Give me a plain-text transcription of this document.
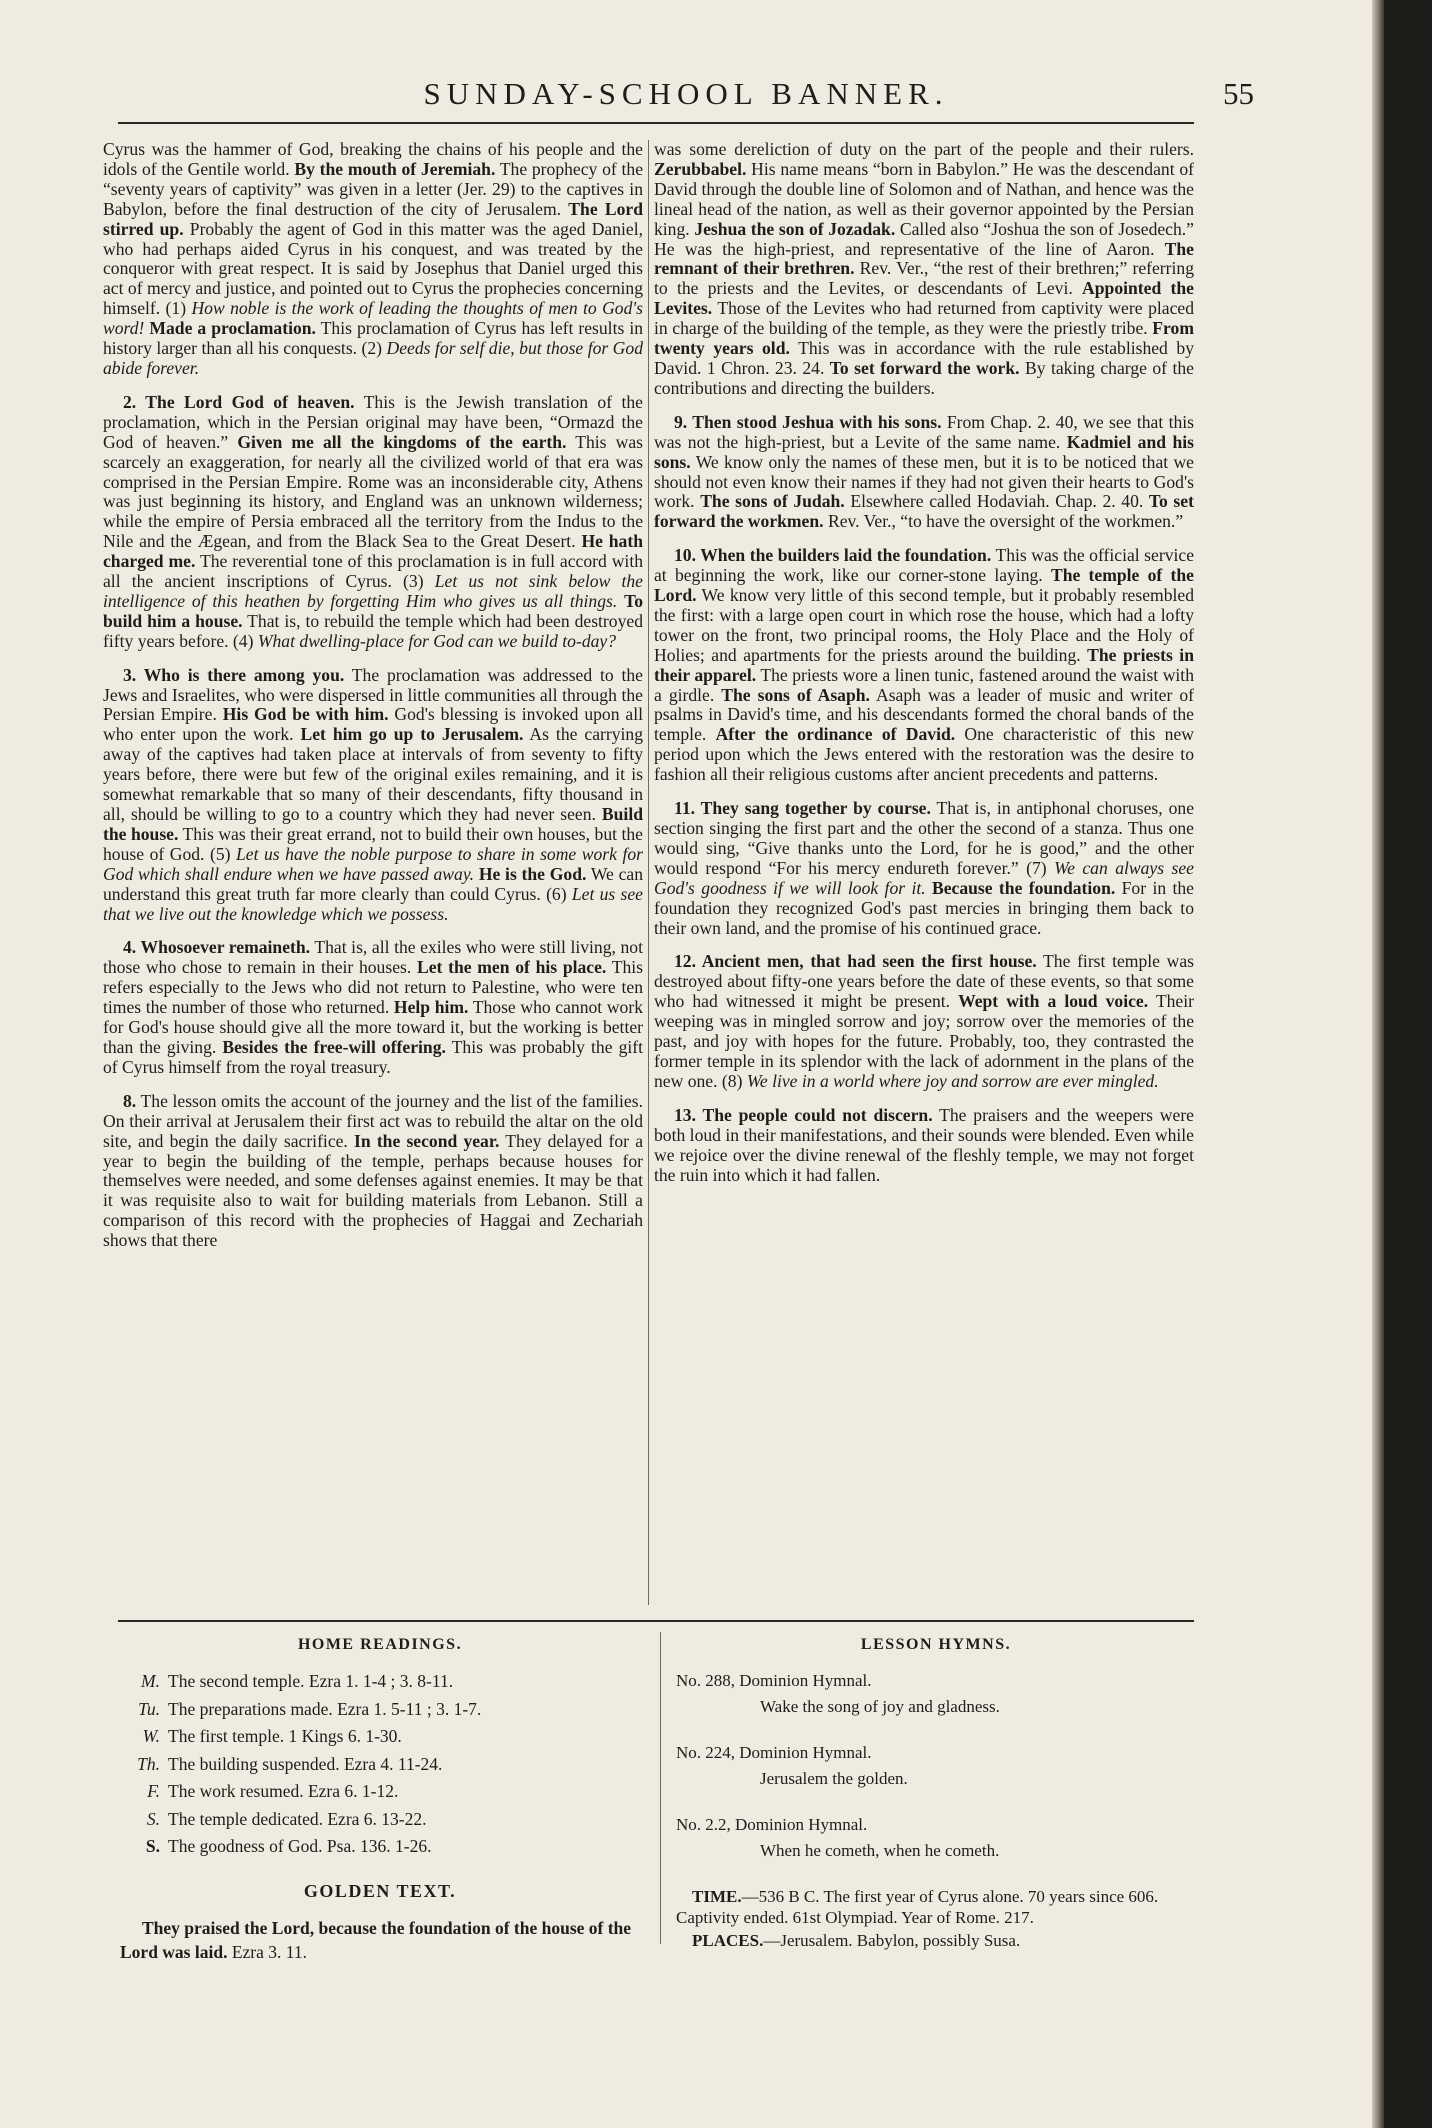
SUNDAY-SCHOOL BANNER.	55

Cyrus was the hammer of God, breaking the chains of his people and the idols of the Gentile world. By the mouth of Jeremiah. The prophecy of the “seventy years of captivity” was given in a letter (Jer. 29) to the captives in Babylon, before the final destruction of the city of Jerusalem. The Lord stirred up. Probably the agent of God in this matter was the aged Daniel, who had perhaps aided Cyrus in his conquest, and was treated by the conqueror with great respect. It is said by Josephus that Daniel urged this act of mercy and justice, and pointed out to Cyrus the prophecies concerning himself. (1) How noble is the work of leading the thoughts of men to God's word! Made a proclamation. This proclamation of Cyrus has left results in history larger than all his conquests. (2) Deeds for self die, but those for God abide forever.

2. The Lord God of heaven. This is the Jewish translation of the proclamation, which in the Persian original may have been, “Ormazd the God of heaven.” Given me all the kingdoms of the earth. This was scarcely an exaggeration, for nearly all the civilized world of that era was comprised in the Persian Empire. Rome was an inconsiderable city, Athens was just beginning its history, and England was an unknown wilderness; while the empire of Persia embraced all the territory from the Indus to the Nile and the Ægean, and from the Black Sea to the Great Desert. He hath charged me. The reverential tone of this proclamation is in full accord with all the ancient inscriptions of Cyrus. (3) Let us not sink below the intelligence of this heathen by forgetting Him who gives us all things. To build him a house. That is, to rebuild the temple which had been destroyed fifty years before. (4) What dwelling-place for God can we build to-day?

3. Who is there among you. The proclamation was addressed to the Jews and Israelites, who were dispersed in little communities all through the Persian Empire. His God be with him. God's blessing is invoked upon all who enter upon the work. Let him go up to Jerusalem. As the carrying away of the captives had taken place at intervals of from seventy to fifty years before, there were but few of the original exiles remaining, and it is somewhat remarkable that so many of their descendants, fifty thousand in all, should be willing to go to a country which they had never seen. Build the house. This was their great errand, not to build their own houses, but the house of God. (5) Let us have the noble purpose to share in some work for God which shall endure when we have passed away. He is the God. We can understand this great truth far more clearly than could Cyrus. (6) Let us see that we live out the knowledge which we possess.

4. Whosoever remaineth. That is, all the exiles who were still living, not those who chose to remain in their houses. Let the men of his place. This refers especially to the Jews who did not return to Palestine, who were ten times the number of those who returned. Help him. Those who cannot work for God's house should give all the more toward it, but the working is better than the giving. Besides the free-will offering. This was probably the gift of Cyrus himself from the royal treasury.

8. The lesson omits the account of the journey and the list of the families. On their arrival at Jerusalem their first act was to rebuild the altar on the old site, and begin the daily sacrifice. In the second year. They delayed for a year to begin the building of the temple, perhaps because houses for themselves were needed, and some defenses against enemies. It may be that it was requisite also to wait for building materials from Lebanon. Still a comparison of this record with the prophecies of Haggai and Zechariah shows that there

was some dereliction of duty on the part of the people and their rulers. Zerubbabel. His name means “born in Babylon.” He was the descendant of David through the double line of Solomon and of Nathan, and hence was the lineal head of the nation, as well as their governor appointed by the Persian king. Jeshua the son of Jozadak. Called also “Joshua the son of Josedech.” He was the high-priest, and representative of the line of Aaron. The remnant of their brethren. Rev. Ver., “the rest of their brethren;” referring to the priests and the Levites, or descendants of Levi. Appointed the Levites. Those of the Levites who had returned from captivity were placed in charge of the building of the temple, as they were the priestly tribe. From twenty years old. This was in accordance with the rule established by David. 1 Chron. 23. 24. To set forward the work. By taking charge of the contributions and directing the builders.

9. Then stood Jeshua with his sons. From Chap. 2. 40, we see that this was not the high-priest, but a Levite of the same name. Kadmiel and his sons. We know only the names of these men, but it is to be noticed that we should not even know their names if they had not given their hearts to God's work. The sons of Judah. Elsewhere called Hodaviah. Chap. 2. 40. To set forward the workmen. Rev. Ver., “to have the oversight of the workmen.”

10. When the builders laid the foundation. This was the official service at beginning the work, like our corner-stone laying. The temple of the Lord. We know very little of this second temple, but it probably resembled the first: with a large open court in which rose the house, which had a lofty tower on the front, two principal rooms, the Holy Place and the Holy of Holies; and apartments for the priests around the building. The priests in their apparel. The priests wore a linen tunic, fastened around the waist with a girdle. The sons of Asaph. Asaph was a leader of music and writer of psalms in David's time, and his descendants formed the choral bands of the temple. After the ordinance of David. One characteristic of this new period upon which the Jews entered with the restoration was the desire to fashion all their religious customs after ancient precedents and patterns.

11. They sang together by course. That is, in antiphonal choruses, one section singing the first part and the other the second of a stanza. Thus one would sing, “Give thanks unto the Lord, for he is good,” and the other would respond “For his mercy endureth forever.” (7) We can always see God's goodness if we will look for it. Because the foundation. For in the foundation they recognized God's past mercies in bringing them back to their own land, and the promise of his continued grace.

12. Ancient men, that had seen the first house. The first temple was destroyed about fifty-one years before the date of these events, so that some who had witnessed it might be present. Wept with a loud voice. Their weeping was in mingled sorrow and joy; sorrow over the memories of the past, and joy with hopes for the future. Probably, too, they contrasted the former temple in its splendor with the lack of adornment in the plans of the new one. (8) We live in a world where joy and sorrow are ever mingled.

13. The people could not discern. The praisers and the weepers were both loud in their manifestations, and their sounds were blended. Even while we rejoice over the divine renewal of the fleshly temple, we may not forget the ruin into which it had fallen.

HOME READINGS.
M. The second temple. Ezra 1. 1-4 ; 3. 8-11.
Tu. The preparations made. Ezra 1. 5-11 ; 3. 1-7.
W. The first temple. 1 Kings 6. 1-30.
Th. The building suspended. Ezra 4. 11-24.
F. The work resumed. Ezra 6. 1-12.
S. The temple dedicated. Ezra 6. 13-22.
S. The goodness of God. Psa. 136. 1-26.
GOLDEN TEXT.

They praised the Lord, because the foundation of the house of the Lord was laid. Ezra 3. 11.

LESSON HYMNS.
No. 288, Dominion Hymnal.
Wake the song of joy and gladness.
No. 224, Dominion Hymnal.
Jerusalem the golden.
No. 2.2, Dominion Hymnal.
When he cometh, when he cometh.

TIME.—536 B C. The first year of Cyrus alone. 70 years since 606. Captivity ended. 61st Olympiad. Year of Rome. 217.

PLACES.—Jerusalem. Babylon, possibly Susa.
